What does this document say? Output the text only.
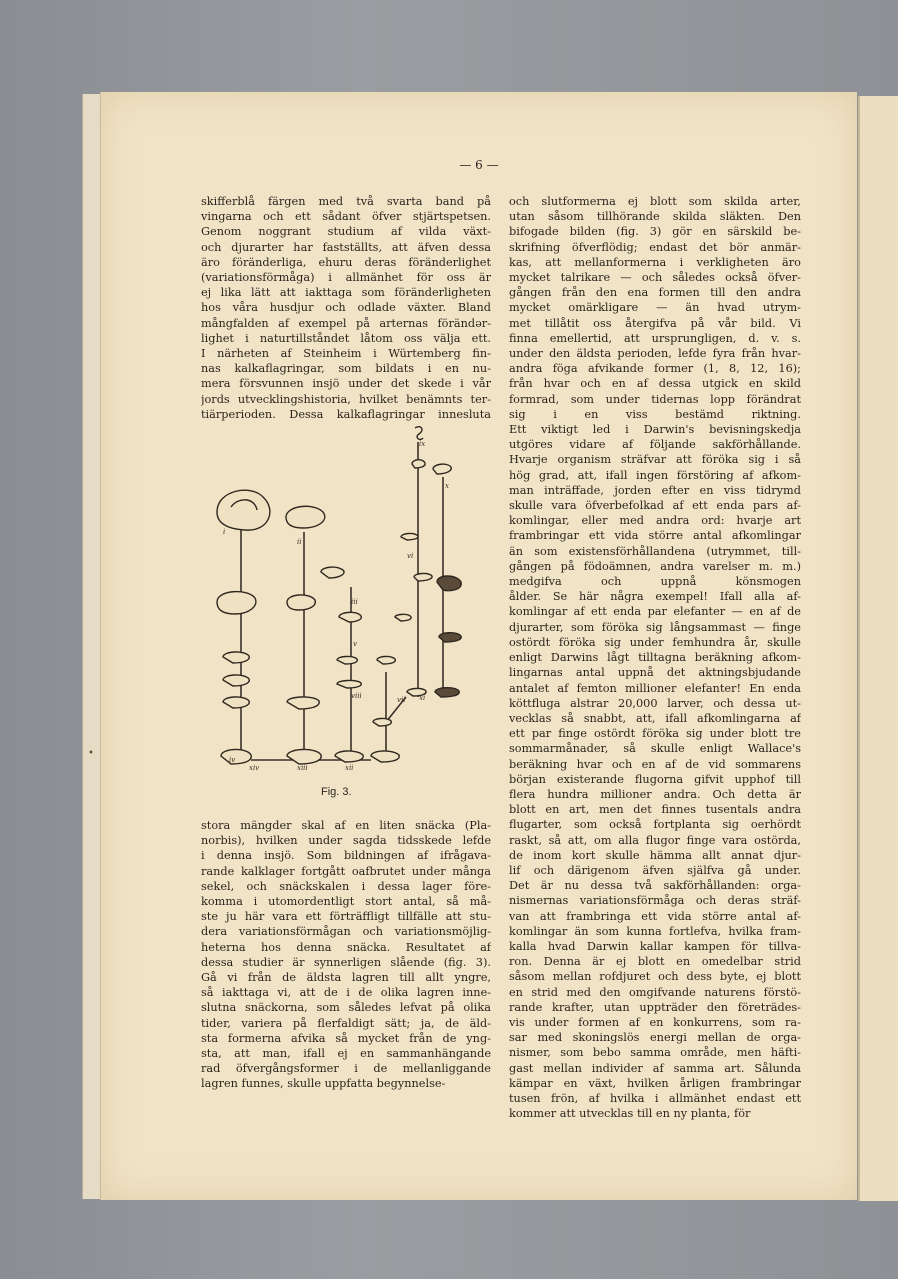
— 6 —
skifferblå färgen med två svarta band på
vingarna och ett sådant öfver stjärtspetsen.
Genom noggrant studium af vilda växt-
och djurarter har fastställts, att äfven dessa
äro föränderliga, ehuru deras föränderlighet
(variationsförmåga) i allmänhet för oss är
ej lika lätt att iakttaga som föränderligheten
hos våra husdjur och odlade växter. Bland
mångfalden af exempel på arternas förändər-
lighet i naturtillståndet låtom oss välja ett.
I närheten af Steinheim i Würtemberg fin-
nas kalkaflagringar, som bildats i en nu-
mera försvunnen insjö under det skede i vår
jords utvecklingshistoria, hvilket benämnts ter-
tiärperioden. Dessa kalkaflagringar innesluta
Fig. 3.
stora mängder skal af en liten snäcka (Pla-
norbis), hvilken under sagda tidsskede lefde
i denna insjö. Som bildningen af ifrågava-
rande kalklager fortgått oafbrutet under många
sekel, och snäckskalen i dessa lager före-
komma i utomordentligt stort antal, så må-
ste ju här vara ett förträffligt tillfälle att stu-
dera variationsförmågan och variationsmöjlig-
heterna hos denna snäcka. Resultatet af
dessa studier är synnerligen slående (fig. 3).
Gå vi från de äldsta lagren till allt yngre,
så iakttaga vi, att de i de olika lagren inne-
slutna snäckorna, som således lefvat på olika
tider, variera på flerfaldigt sätt; ja, de äld-
sta formerna afvika så mycket från de yng-
sta, att man, ifall ej en sammanhängande
rad öfvergångsformer i de mellanliggande
lagren funnes, skulle uppfatta begynnelse-
och slutformerna ej blott som skilda arter,
utan såsom tillhörande skilda släkten. Den
bifogade bilden (fig. 3) gör en särskild be-
skrifning öfverflödig; endast det bör anmär-
kas, att mellanformerna i verkligheten äro
mycket talrikare — och således också öfver-
gången från den ena formen till den andra
mycket omärkligare — än hvad utrym-
met tillåtit oss återgifva på vår bild. Vi
finna emellertid, att ursprungligen, d. v. s.
under den äldsta perioden, lefde fyra från hvar-
andra föga afvikande former (1, 8, 12, 16);
från hvar och en af dessa utgick en skild
formrad, som under tidernas lopp förändrat
sig i en viss bestämd riktning.
Ett viktigt led i Darwin's bevisningskedja
utgöres vidare af följande sakförhållande.
Hvarje organism sträfvar att föröka sig i så
hög grad, att, ifall ingen förstöring af afkom-
man inträffade, jorden efter en viss tidrymd
skulle vara öfverbefolkad af ett enda pars af-
komlingar, eller med andra ord: hvarje art
frambringar ett vida större antal afkomlingar
än som existensförhållandena (utrymmet, till-
gången på födoämnen, andra varelser m. m.)
medgifva och uppnå könsmogen
ålder. Se här några exempel! Ifall alla af-
komlingar af ett enda par elefanter — en af de
djurarter, som föröka sig långsammast — finge
ostördt föröka sig under femhundra år, skulle
enligt Darwins lågt tilltagna beräkning afkom-
lingarnas antal uppnå det aktningsbjudande
antalet af femton millioner elefanter! En enda
köttfluga alstrar 20,000 larver, och dessa ut-
vecklas så snabbt, att, ifall afkomlingarna af
ett par finge ostördt föröka sig under blott tre
sommarmånader, så skulle enligt Wallace's
beräkning hvar och en af de vid sommarens
början existerande flugorna gifvit upphof till
flera hundra millioner andra. Och detta är
blott en art, men det finnes tusentals andra
flugarter, som också fortplanta sig oerhördt
raskt, så att, om alla flugor finge vara ostörda,
de inom kort skulle hämma allt annat djur-
lif och därigenom äfven själfva gå under.
Det är nu dessa två sakförhållanden: orga-
nismernas variationsförmåga och deras sträf-
van att frambringa ett vida större antal af-
komlingar än som kunna fortlefva, hvilka fram-
kalla hvad Darwin kallar kampen för tillva-
ron. Denna är ej blott en omedelbar strid
såsom mellan rofdjuret och dess byte, ej blott
en strid med den omgifvande naturens förstö-
rande krafter, utan uppträder den företrädes-
vis under formen af en konkurrens, som ra-
sar med skoningslös energi mellan de orga-
nismer, som bebo samma område, men häfti-
gast mellan individer af samma art. Sålunda
kämpar en växt, hvilken årligen frambringar
tusen frön, af hvilka i allmänhet endast ett
kommer att utvecklas till en ny planta, för
i
ii
iii
iv
v
vi
vii
viii
ix
x
xi
xii
xiii
xiv
•
